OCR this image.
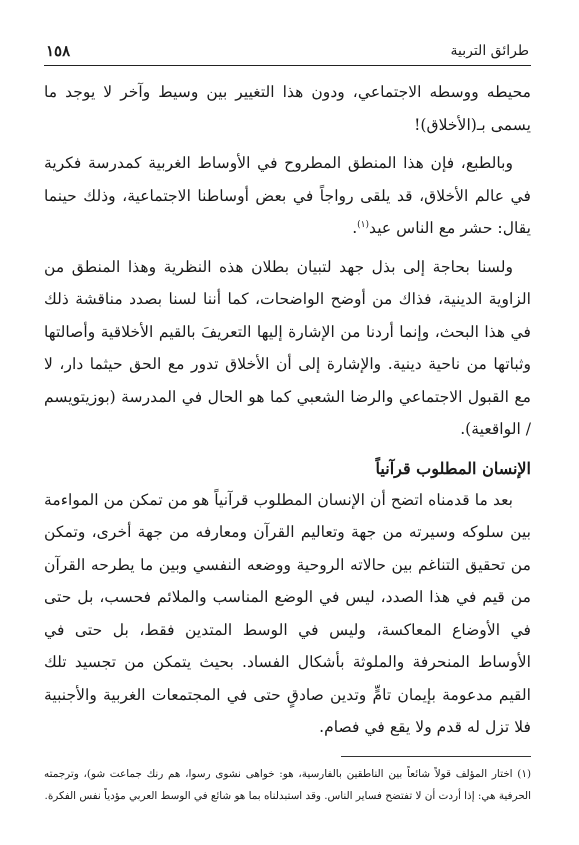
طرائق التربية
١٥٨

محيطه ووسطه الاجتماعي، ودون هذا التغيير بين وسيط وآخر لا يوجد ما يسمى بـ(الأخلاق)!

وبالطبع، فإن هذا المنطق المطروح في الأوساط الغربية كمدرسة فكرية في عالم الأخلاق، قد يلقى رواجاً في بعض أوساطنا الاجتماعية، وذلك حينما يقال: حشر مع الناس عيد$^{(١)}$.

ولسنا بحاجة إلى بذل جهد لتبيان بطلان هذه النظرية وهذا المنطق من الزاوية الدينية، فذاك من أوضح الواضحات، كما أننا لسنا بصدد مناقشة ذلك في هذا البحث، وإنما أردنا من الإشارة إليها التعريفَ بالقيم الأخلاقية وأصالتها وثباتها من ناحية دينية. والإشارة إلى أن الأخلاق تدور مع الحق حيثما دار، لا مع القبول الاجتماعي والرضا الشعبي كما هو الحال في المدرسة (بوزيتويسم / الواقعية).

الإنسان المطلوب قرآنياً

بعد ما قدمناه اتضح أن الإنسان المطلوب قرآنياً هو من تمكن من المواءمة بين سلوكه وسيرته من جهة وتعاليم القرآن ومعارفه من جهة أخرى، وتمكن من تحقيق التناغم بين حالاته الروحية ووضعه النفسي وبين ما يطرحه القرآن من قيم في هذا الصدد، ليس في الوضع المناسب والملائم فحسب، بل حتى في الأوضاع المعاكسة، وليس في الوسط المتدين فقط، بل حتى في الأوساط المنحرفة والملوثة بأشكال الفساد. بحيث يتمكن من تجسيد تلك القيم مدعومة بإيمان تامٍّ وتدين صادقٍ حتى في المجتمعات الغربية والأجنبية فلا تزل له قدم ولا يقع في فصام.

(١) اختار المؤلف قولاً شائعاً بين الناطقين بالفارسية، هو: خواهى نشوى رسوا، هم رنك جماعت شو)، وترجمته الحرفية هي: إذا أردت أن لا تفتضح فساير الناس. وقد استبدلناه بما هو شائع في الوسط العربي مؤدياً نفس الفكرة.
